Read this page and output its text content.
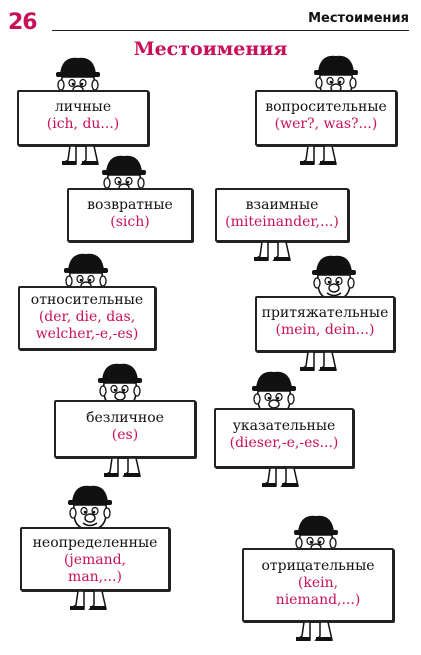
26	Местоимения
Местоимения
личные
(ich, du...)
вопросительные
(wer?, was?...)
возвратные
(sich)
взаимные
(miteinander,...)
относительные
(der, die, das,
welcher,-e,-es)
притяжательные
(mein, dein...)
безличное
(es)
указательные
(dieser,-e,-es...)
неопределенные
(jemand,
man,...)
отрицательные
(kein,
niemand,...)
